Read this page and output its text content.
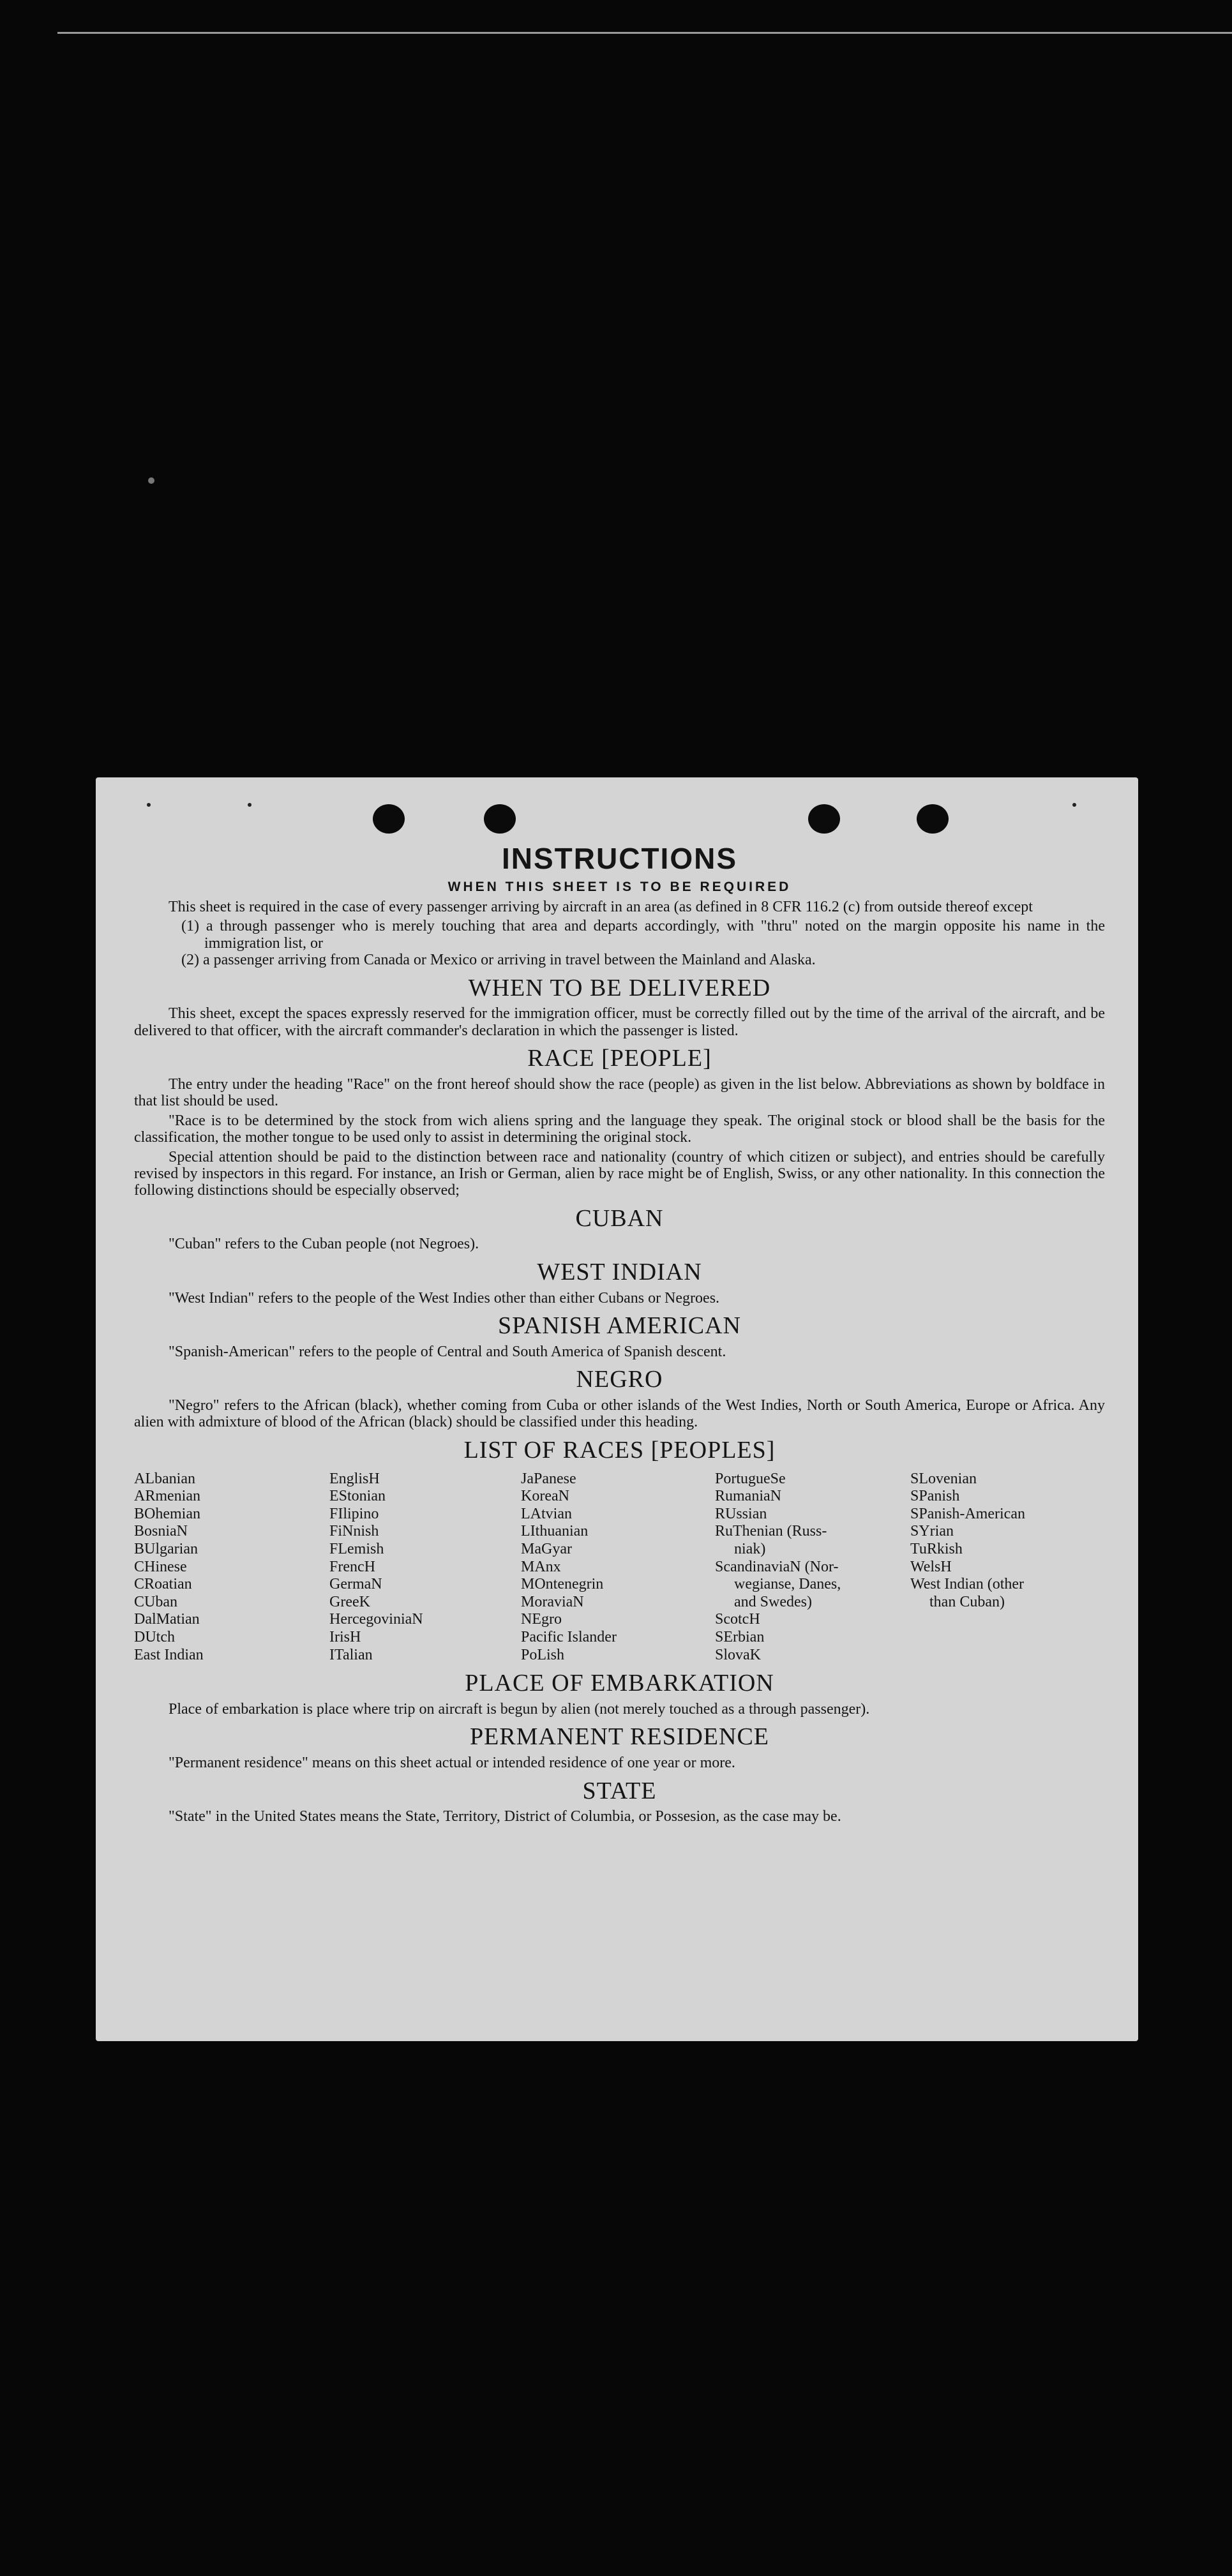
INSTRUCTIONS
WHEN THIS SHEET IS TO BE REQUIRED

This sheet is required in the case of every passenger arriving by aircraft in an area (as defined in 8 CFR 116.2 (c) from outside thereof except

(1) a through passenger who is merely touching that area and departs accordingly, with "thru" noted on the margin opposite his name in the immigration list, or
(2) a passenger arriving from Canada or Mexico or arriving in travel between the Mainland and Alaska.
WHEN TO BE DELIVERED

This sheet, except the spaces expressly reserved for the immigration officer, must be correctly filled out by the time of the arrival of the aircraft, and be delivered to that officer, with the aircraft commander's declaration in which the passenger is listed.

RACE [PEOPLE]

The entry under the heading "Race" on the front hereof should show the race (people) as given in the list below. Abbreviations as shown by boldface in that list should be used.

"Race is to be determined by the stock from wich aliens spring and the language they speak. The original stock or blood shall be the basis for the classification, the mother tongue to be used only to assist in determining the original stock.

Special attention should be paid to the distinction between race and nationality (country of which citizen or subject), and entries should be carefully revised by inspectors in this regard. For instance, an Irish or German, alien by race might be of English, Swiss, or any other nationality. In this connection the following distinctions should be especially observed;

CUBAN

"Cuban" refers to the Cuban people (not Negroes).

WEST INDIAN

"West Indian" refers to the people of the West Indies other than either Cubans or Negroes.

SPANISH AMERICAN

"Spanish-American" refers to the people of Central and South America of Spanish descent.

NEGRO

"Negro" refers to the African (black), whether coming from Cuba or other islands of the West Indies, North or South America, Europe or Africa. Any alien with admixture of blood of the African (black) should be classified under this heading.

LIST OF RACES [PEOPLES]
ALbanian
ARmenian
BOhemian
BosniaN
BUlgarian
CHinese
CRoatian
CUban
DalMatian
DUtch
East Indian
EnglisH
EStonian
FIlipino
FiNnish
FLemish
FrencH
GermaN
GreeK
HercegoviniaN
IrisH
ITalian
JaPanese
KoreaN
LAtvian
LIthuanian
MaGyar
MAnx
MOntenegrin
MoraviaN
NEgro
Pacific Islander
PoLish
PortugueSe
RumaniaN
RUssian
RuThenian (Russ-
niak)
ScandinaviaN (Nor-
wegianse, Danes,
and Swedes)
ScotcH
SErbian
SlovaK
SLovenian
SPanish
SPanish-American
SYrian
TuRkish
WelsH
West Indian (other
than Cuban)
PLACE OF EMBARKATION

Place of embarkation is place where trip on aircraft is begun by alien (not merely touched as a through passenger).

PERMANENT RESIDENCE

"Permanent residence" means on this sheet actual or intended residence of one year or more.

STATE

"State" in the United States means the State, Territory, District of Columbia, or Possesion, as the case may be.
